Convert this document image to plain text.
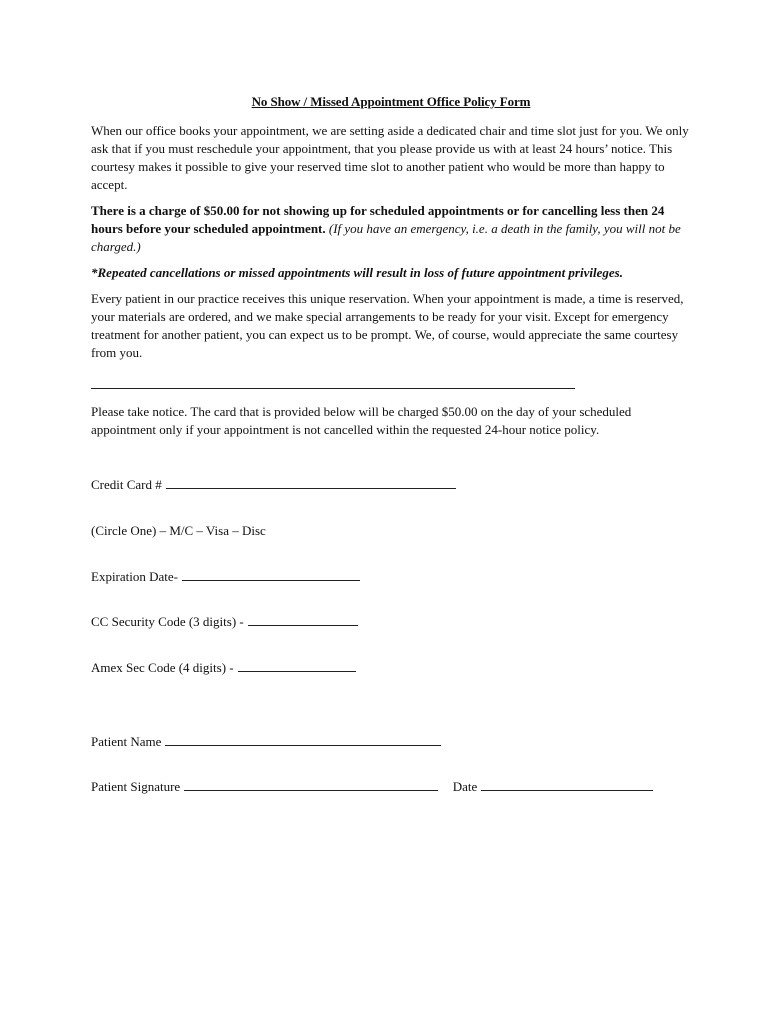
No Show / Missed Appointment Office Policy Form

When our office books your appointment, we are setting aside a dedicated chair and time slot just for you. We only ask that if you must reschedule your appointment, that you please provide us with at least 24 hours’ notice. This courtesy makes it possible to give your reserved time slot to another patient who would be more than happy to accept.

There is a charge of $50.00 for not showing up for scheduled appointments or for cancelling less then 24 hours before your scheduled appointment. (If you have an emergency, i.e. a death in the family, you will not be charged.)

*Repeated cancellations or missed appointments will result in loss of future appointment privileges.

Every patient in our practice receives this unique reservation. When your appointment is made, a time is reserved, your materials are ordered, and we make special arrangements to be ready for your visit. Except for emergency treatment for another patient, you can expect us to be prompt. We, of course, would appreciate the same courtesy from you.

Please take notice. The card that is provided below will be charged $50.00 on the day of your scheduled appointment only if your appointment is not cancelled within the requested 24-hour notice policy.

Credit Card #
(Circle One) – M/C – Visa – Disc
Expiration Date-
CC Security Code (3 digits) -
Amex Sec Code (4 digits) -
Patient Name
Patient Signature	Date
